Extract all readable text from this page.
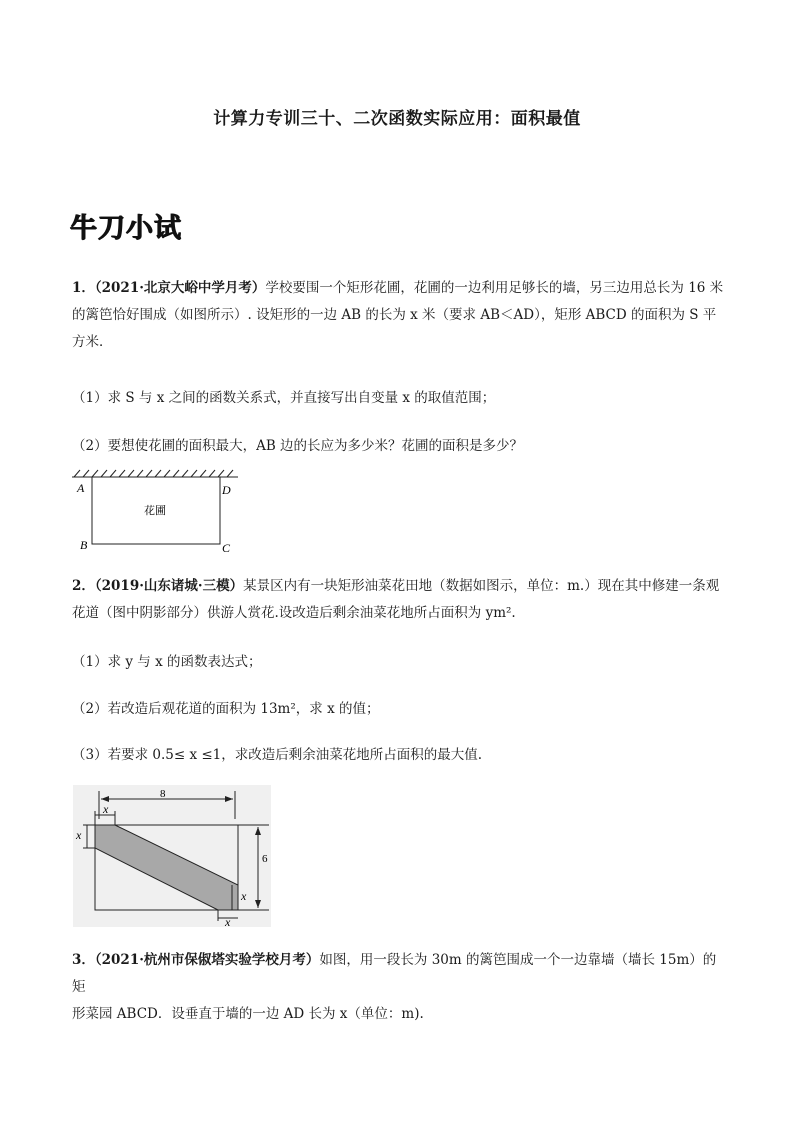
计算力专训三十、二次函数实际应用：面积最值
牛刀小试
1．（2021·北京大峪中学月考）学校要围一个矩形花圃，花圃的一边利用足够长的墙，另三边用总长为 16 米
的篱笆恰好围成（如图所示）. 设矩形的一边 AB 的长为 x 米（要求 AB＜AD），矩形 ABCD 的面积为 S 平
方米．
（1）求 S 与 x 之间的函数关系式，并直接写出自变量 x 的取值范围；
（2）要想使花圃的面积最大，AB 边的长应为多少米？花圃的面积是多少？
A	D
B	C
花圃
2．（2019·山东诸城·三模）某景区内有一块矩形油菜花田地（数据如图示，单位：m.）现在其中修建一条观
花道（图中阴影部分）供游人赏花.设改造后剩余油菜花地所占面积为 ym².
（1）求 y 与 x 的函数表达式；
（2）若改造后观花道的面积为 13m²，求 x 的值；
（3）若要求 0.5≤ x ≤1，求改造后剩余油菜花地所占面积的最大值.
8
6
x
x
x
x
3．（2021·杭州市保俶塔实验学校月考）如图，用一段长为 30m 的篱笆围成一个一边靠墙（墙长 15m）的矩
形菜园 ABCD．设垂直于墙的一边 AD 长为 x（单位：m).
